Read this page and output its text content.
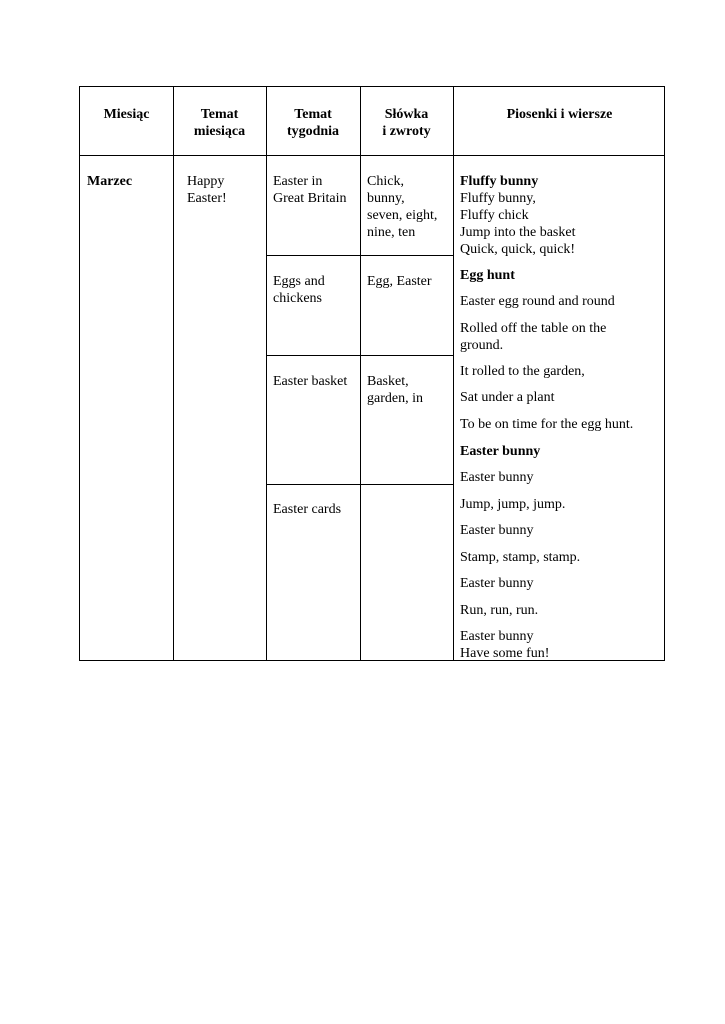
Miesiąc	Temat
miesiąca
Temat
tygodnia
Słówka
i zwroty
Piosenki i wiersze
Marzec	Happy
Easter!
Easter in
Great Britain
Eggs and
chickens
Easter basket
Easter cards
Chick,
bunny,
seven, eight,
nine, ten
Egg, Easter
Basket,
garden, in
Fluffy bunny
Fluffy bunny,
Fluffy chick
Jump into the basket
Quick, quick, quick!
Egg hunt
Easter egg round and round
Rolled off the table on the
ground.
It rolled to the garden,
Sat under a plant
To be on time for the egg hunt.
Easter bunny
Easter bunny
Jump, jump, jump.
Easter bunny
Stamp, stamp, stamp.
Easter bunny
Run, run, run.
Easter bunny
Have some fun!
